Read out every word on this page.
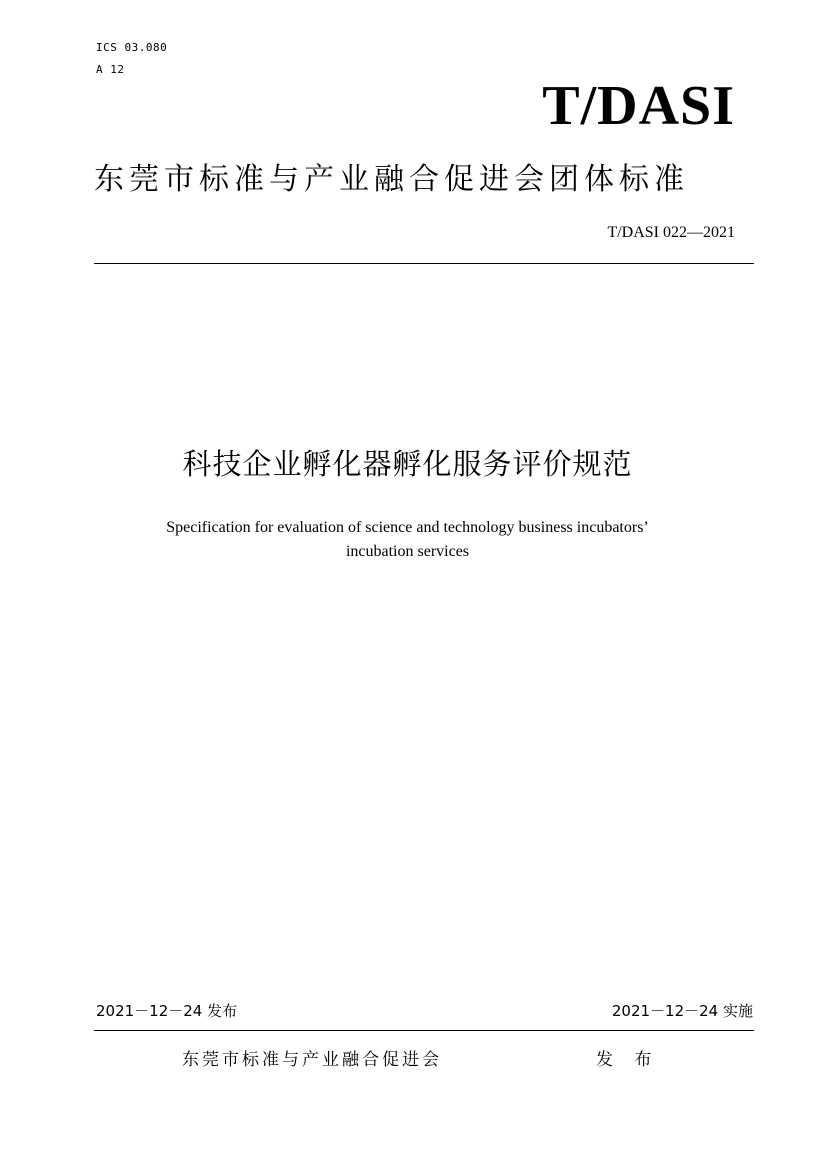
ICS 03.080
A 12
T/DASI
东莞市标准与产业融合促进会团体标准
T/DASI 022—2021
科技企业孵化器孵化服务评价规范
Specification for evaluation of science and technology business incubators’
incubation services
2021－12－24 发布	2021－12－24 实施
东莞市标准与产业融合促进会	发 布
